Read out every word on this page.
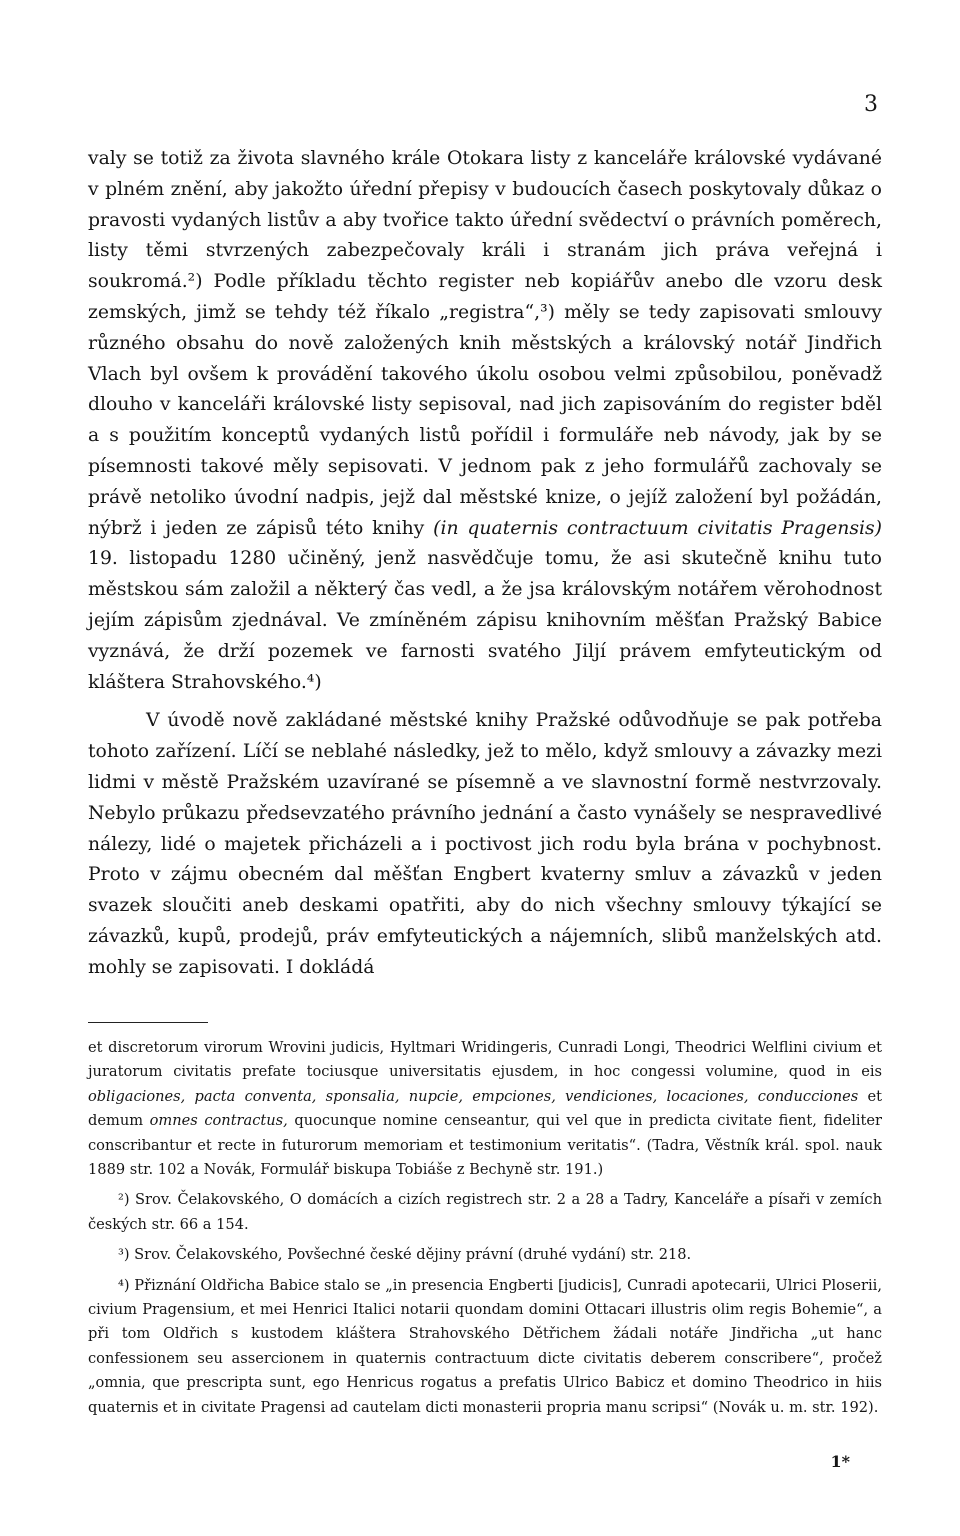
3

valy se totiž za života slavného krále Otokara listy z kanceláře královské vydávané v plném znění, aby jakožto úřední přepisy v budoucích časech poskytovaly důkaz o pravosti vydaných listův a aby tvořice takto úřední svědectví o právních poměrech, listy těmi stvrzených zabezpečovaly králi i stranám jich práva veřejná i soukromá.²) Podle příkladu těchto register neb kopiářův anebo dle vzoru desk zemských, jimž se tehdy též říkalo „registra“,³) měly se tedy zapisovati smlouvy různého obsahu do nově založených knih městských a královský notář Jindřich Vlach byl ovšem k provádění takového úkolu osobou velmi způsobilou, poněvadž dlouho v kanceláři královské listy sepisoval, nad jich zapisováním do register bděl a s použitím konceptů vydaných listů pořídil i formuláře neb návody, jak by se písemnosti takové měly sepisovati. V jednom pak z jeho formulářů zachovaly se právě netoliko úvodní nadpis, jejž dal městské knize, o jejíž založení byl požádán, nýbrž i jeden ze zápisů této knihy (in quaternis contractuum civitatis Pragensis) 19. listopadu 1280 učiněný, jenž nasvědčuje tomu, že asi skutečně knihu tuto městskou sám založil a některý čas vedl, a že jsa královským notářem věrohodnost jejím zápisům zjednával. Ve zmíněném zápisu knihovním měšťan Pražský Babice vyznává, že drží pozemek ve farnosti svatého Jiljí právem emfyteutickým od kláštera Strahovského.⁴)

V úvodě nově zakládané městské knihy Pražské odůvodňuje se pak potřeba tohoto zařízení. Líčí se neblahé následky, jež to mělo, když smlouvy a závazky mezi lidmi v městě Pražském uzavírané se písemně a ve slavnostní formě nestvrzovaly. Nebylo průkazu předsevzatého právního jednání a často vynášely se nespravedlivé nálezy, lidé o majetek přicházeli a i poctivost jich rodu byla brána v pochybnost. Proto v zájmu obecném dal měšťan Engbert kvaterny smluv a závazků v jeden svazek sloučiti aneb deskami opatřiti, aby do nich všechny smlouvy týkající se závazků, kupů, prodejů, práv emfyteutických a nájemních, slibů manželských atd. mohly se zapisovati. I dokládá

et discretorum virorum Wrovini judicis, Hyltmari Wridingeris, Cunradi Longi, Theodrici Welflini civium et juratorum civitatis prefate tociusque universitatis ejusdem, in hoc congessi volumine, quod in eis obligaciones, pacta conventa, sponsalia, nupcie, empciones, vendiciones, locaciones, conducciones et demum omnes contractus, quocunque nomine censeantur, qui vel que in predicta civitate fient, fideliter conscribantur et recte in futurorum memoriam et testimonium veritatis“. (Tadra, Věstník král. spol. nauk 1889 str. 102 a Novák, Formulář biskupa Tobiáše z Bechyně str. 191.)

²) Srov. Čelakovského, O domácích a cizích registrech str. 2 a 28 a Tadry, Kanceláře a písaři v zemích českých str. 66 a 154.

³) Srov. Čelakovského, Povšechné české dějiny právní (druhé vydání) str. 218.

⁴) Přiznání Oldřicha Babice stalo se „in presencia Engberti [judicis], Cunradi apotecarii, Ulrici Ploserii, civium Pragensium, et mei Henrici Italici notarii quondam domini Ottacari illustris olim regis Bohemie“, a při tom Oldřich s kustodem kláštera Strahovského Dětřichem žádali notáře Jindřicha „ut hanc confessionem seu assercionem in quaternis contractuum dicte civitatis deberem conscribere“, pročež „omnia, que prescripta sunt, ego Henricus rogatus a prefatis Ulrico Babicz et domino Theodrico in hiis quaternis et in civitate Pragensi ad cautelam dicti monasterii propria manu scripsi“ (Novák u. m. str. 192).

1*
